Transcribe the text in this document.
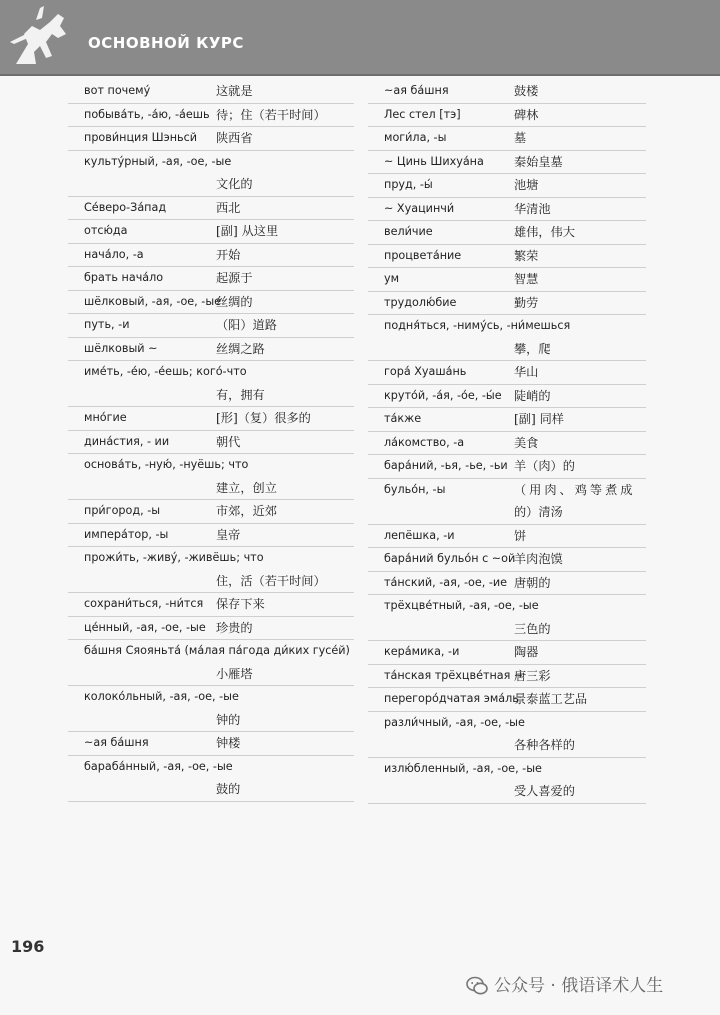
ОСНОВНОЙ КУРС
вот почему́	这就是
побыва́ть, -а́ю, -а́ешь 待；住（若干时间）
прови́нция Шэньсй 陕西省
культу́рный, -ая, -ое, -ые
文化的
Се́веро-За́пад	西北
отсю́да	[副] 从这里
нача́ло, -а	开始
брать нача́ло	起源于
шёлковый, -ая, -ое, -ые
丝绸的
путь, -и	（阳）道路
шёлковый ~	丝绸之路
име́ть, -е́ю, -е́ешь; кого́-что
有，拥有
мно́гие	[形]（复）很多的
дина́стия, - ии	朝代
основа́ть, -ную́, -нуёшь; что
建立，创立
при́город, -ы	市郊，近郊
импера́тор, -ы	皇帝
прожи́ть, -живу́, -живёшь; что
住，活（若干时间）
сохрани́ться, -ни́тся 保存下来
це́нный, -ая, -ое, -ые 珍贵的
ба́шня Сяояньта́ (ма́лая па́года ди́ких гусе́й)
小雁塔
колоко́льный, -ая, -ое, -ые
钟的
~ая ба́шня	钟楼
бараба́нный, -ая, -ое, -ые
鼓的
~ая ба́шня	鼓楼
Лес стел [тэ]	碑林
моги́ла, -ы	墓
~ Цинь Шихуа́на 秦始皇墓
пруд, -ы́	池塘
~ Хуацинчи́	华清池
вели́чие	雄伟，伟大
процвета́ние	繁荣
ум	智慧
трудолю́бие	勤劳
подня́ться, -ниму́сь, -ни́мешься
攀，爬
гора́ Хуаша́нь	华山
круто́й, -а́я, -о́е, -ы́е 陡峭的
та́кже	[副] 同样
ла́комство, -а	美食
бара́ний, -ья, -ье, -ьи 羊（肉）的
бульо́н, -ы	（用肉、鸡等煮成
的）清汤
лепёшка, -и	饼
бара́ний бульо́н с ~ой
羊肉泡馍
та́нский, -ая, -ое, -ие 唐朝的
трёхцве́тный, -ая, -ое, -ые
三色的
кера́мика, -и	陶器
та́нская трёхцве́тная ~
唐三彩
перегоро́дчатая эма́ль
景泰蓝工艺品
разли́чный, -ая, -ое, -ые
各种各样的
излю́бленный, -ая, -ое, -ые
受人喜爱的
196
公众号 · 俄语译术人生
